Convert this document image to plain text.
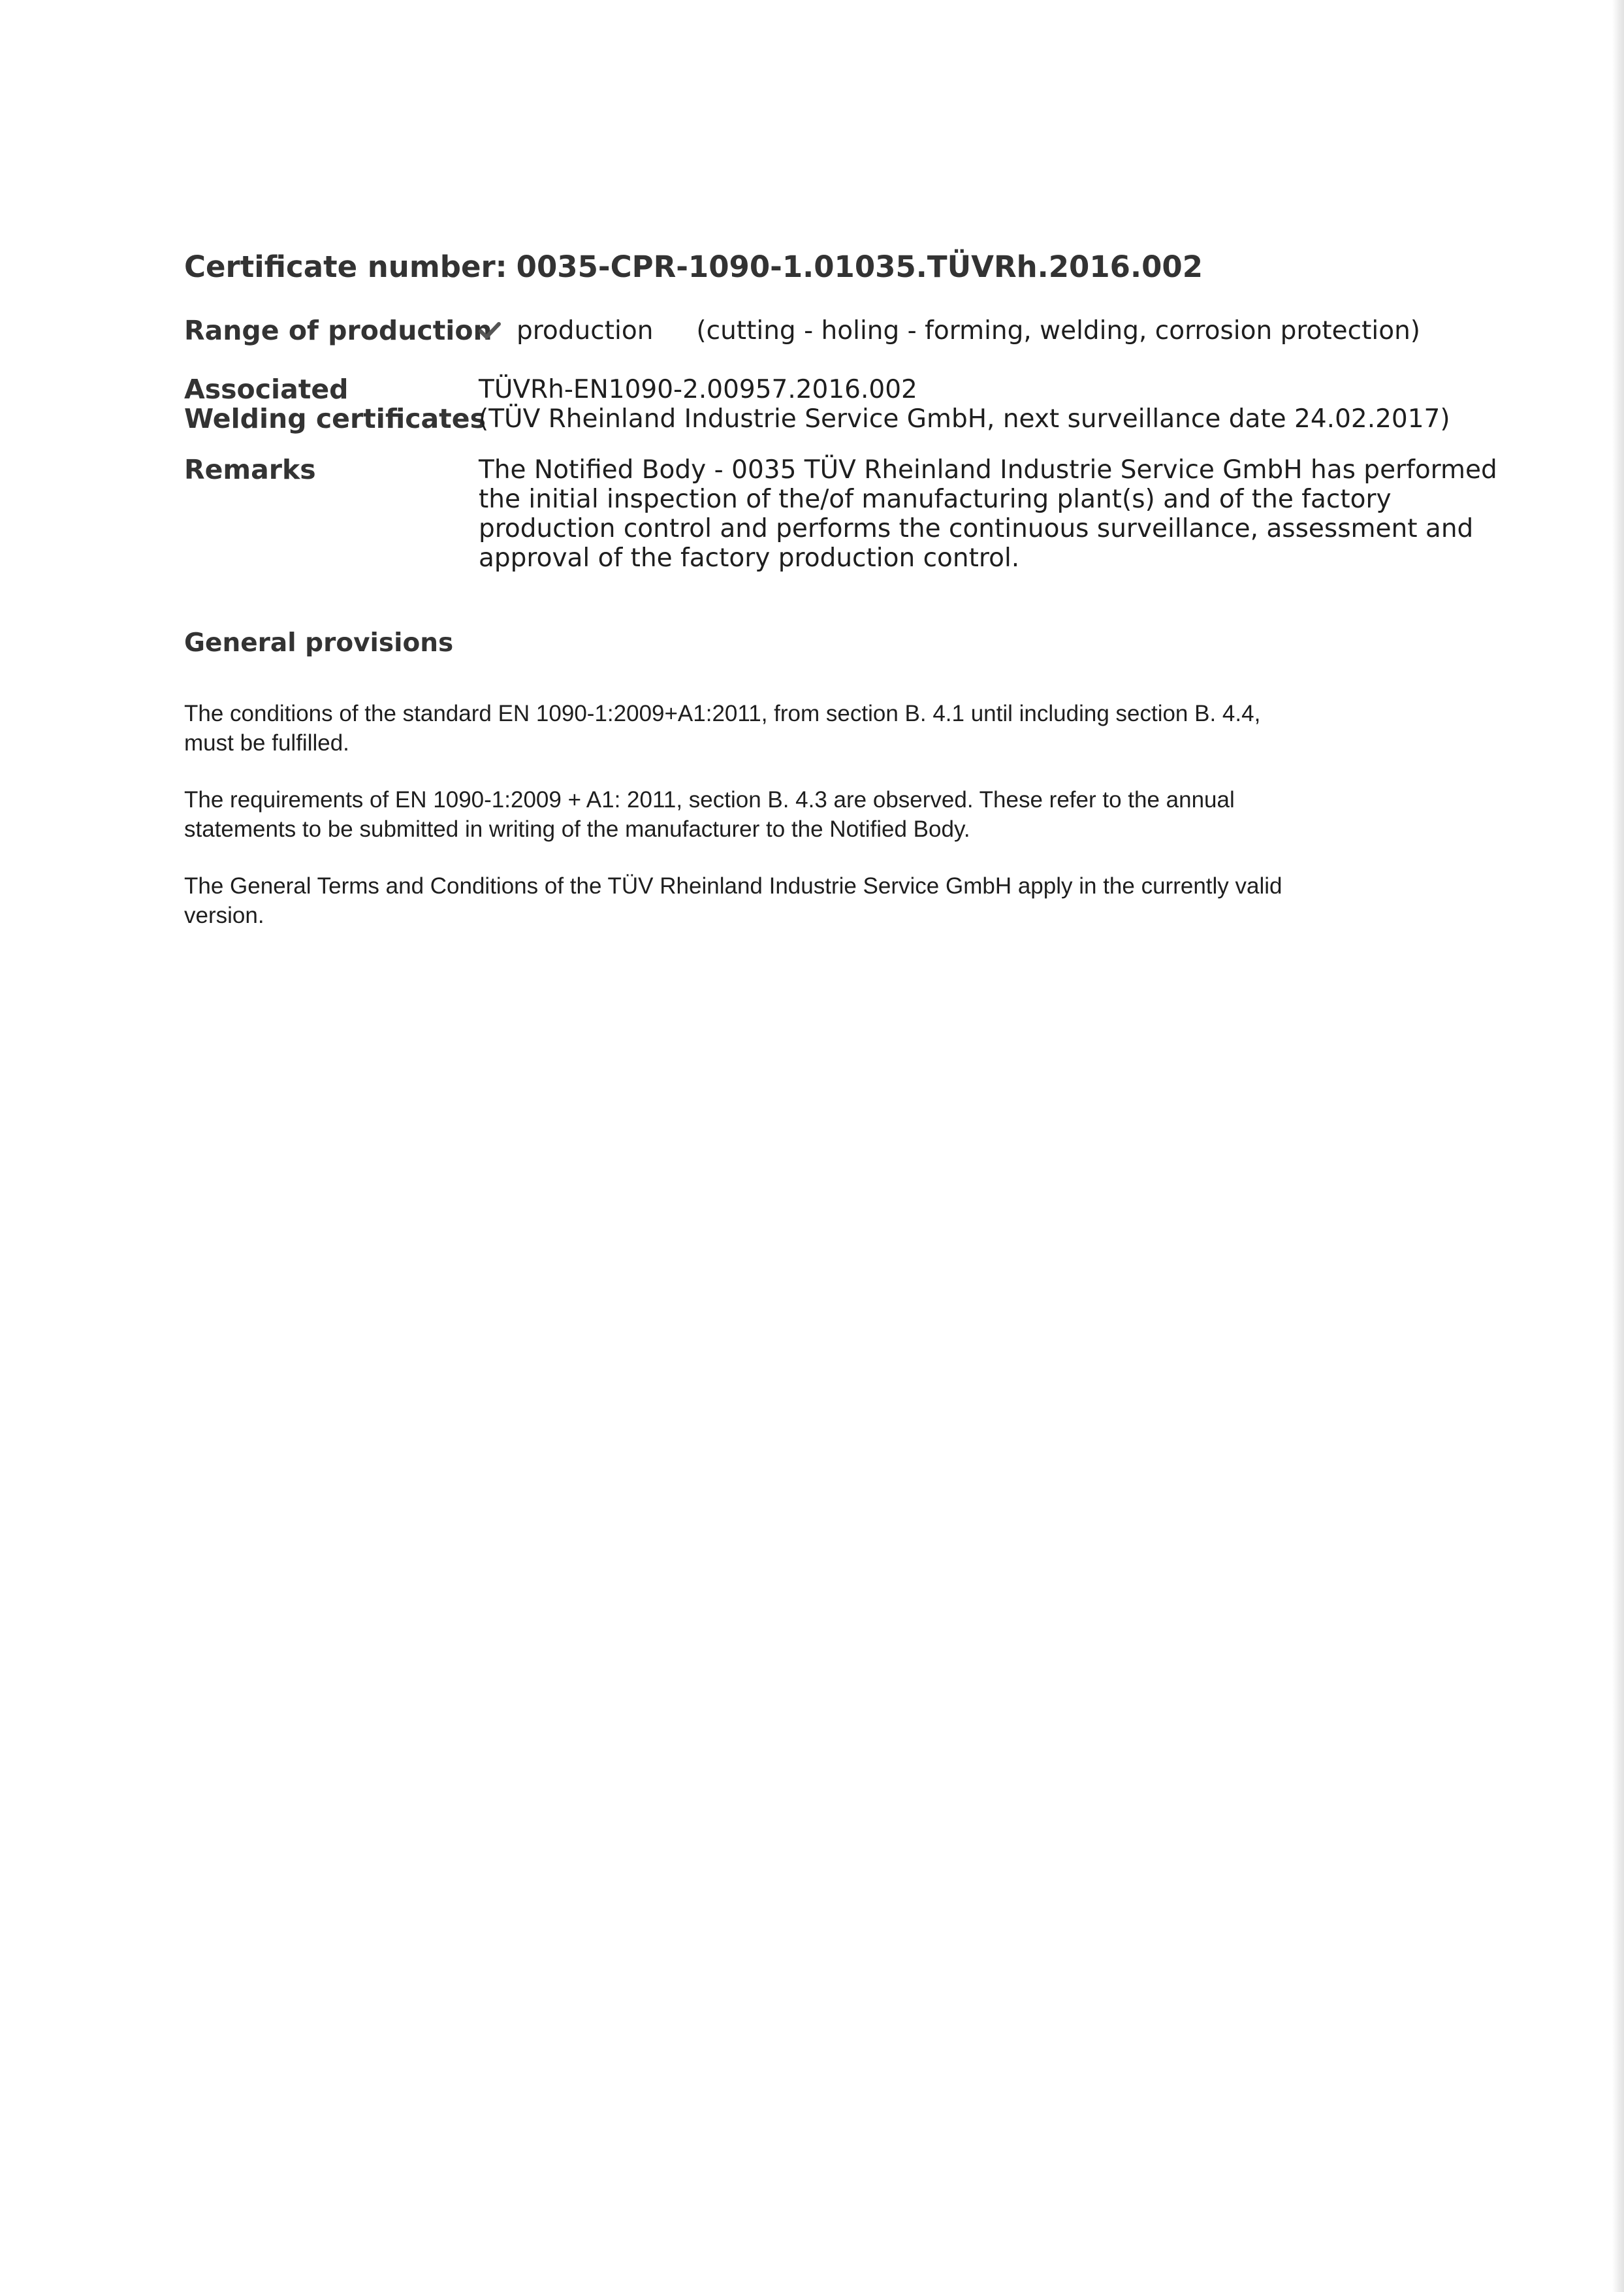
Certificate number: 0035-CPR-1090-1.01035.TÜVRh.2016.002
Range of production production (cutting - holing - forming, welding, corrosion protection)
Associated
Welding certificates
TÜVRh-EN1090-2.00957.2016.002
(TÜV Rheinland Industrie Service GmbH, next surveillance date 24.02.2017)
Remarks	The Notified Body - 0035 TÜV Rheinland Industrie Service GmbH has performed
the initial inspection of the/of manufacturing plant(s) and of the factory
production control and performs the continuous surveillance, assessment and
approval of the factory production control.
General provisions
The conditions of the standard EN 1090-1:2009+A1:2011, from section B. 4.1 until including section B. 4.4,
must be fulfilled.
The requirements of EN 1090-1:2009 + A1: 2011, section B. 4.3 are observed. These refer to the annual
statements to be submitted in writing of the manufacturer to the Notified Body.
The General Terms and Conditions of the TÜV Rheinland Industrie Service GmbH apply in the currently valid
version.
